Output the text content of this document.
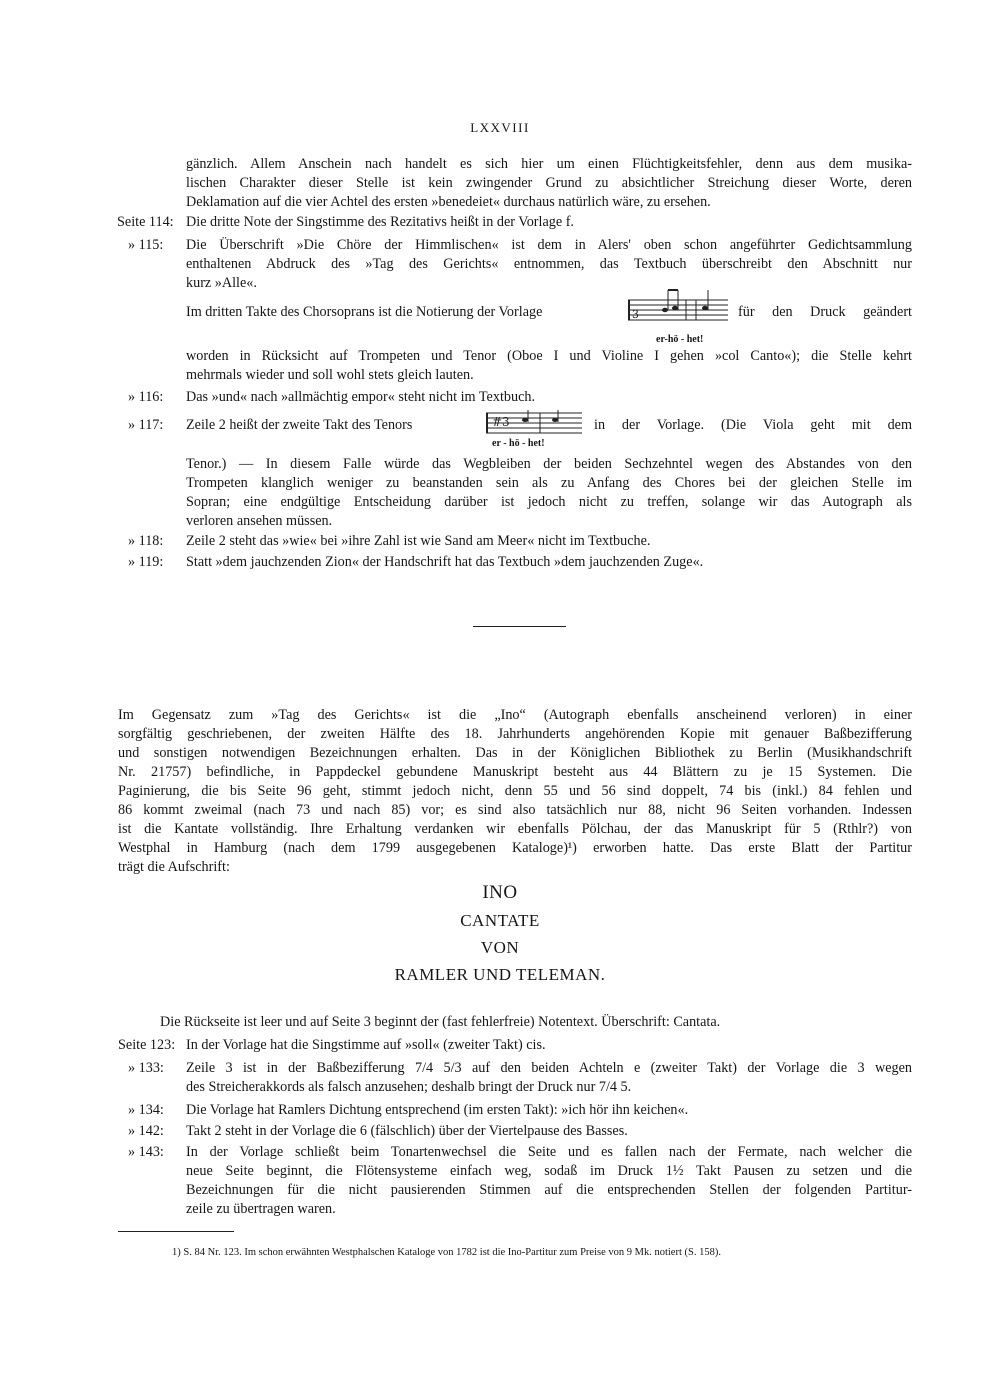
LXXVIII
gänzlich. Allem Anschein nach handelt es sich hier um einen Flüchtigkeitsfehler, denn aus dem musika-
lischen Charakter dieser Stelle ist kein zwingender Grund zu absichtlicher Streichung dieser Worte, deren
Deklamation auf die vier Achtel des ersten »benedeiet« durchaus natürlich wäre, zu ersehen.
Seite 114: Die dritte Note der Singstimme des Rezitativs heißt in der Vorlage f.
» 115: Die Überschrift »Die Chöre der Himmlischen« ist dem in Alers' oben schon angeführter Gedichtsammlung
enthaltenen Abdruck des »Tag des Gerichts« entnommen, das Textbuch überschreibt den Abschnitt nur
kurz »Alle«.
Im dritten Takte des Chorsoprans ist die Notierung der Vorlage	3
er-hö - het!
für den Druck geändert
worden in Rücksicht auf Trompeten und Tenor (Oboe I und Violine I gehen »col Canto«); die Stelle kehrt
mehrmals wieder und soll wohl stets gleich lauten.
» 116: Das »und« nach »allmächtig empor« steht nicht im Textbuch.
» 117: Zeile 2 heißt der zweite Takt des Tenors	#3
er - hö - het!
in der Vorlage. (Die Viola geht mit dem
Tenor.) — In diesem Falle würde das Wegbleiben der beiden Sechzehntel wegen des Abstandes von den
Trompeten klanglich weniger zu beanstanden sein als zu Anfang des Chores bei der gleichen Stelle im
Sopran; eine endgültige Entscheidung darüber ist jedoch nicht zu treffen, solange wir das Autograph als
verloren ansehen müssen.
» 118: Zeile 2 steht das »wie« bei »ihre Zahl ist wie Sand am Meer« nicht im Textbuche.
» 119: Statt »dem jauchzenden Zion« der Handschrift hat das Textbuch »dem jauchzenden Zuge«.
Im Gegensatz zum »Tag des Gerichts« ist die „Ino“ (Autograph ebenfalls anscheinend verloren) in einer
sorgfältig geschriebenen, der zweiten Hälfte des 18. Jahrhunderts angehörenden Kopie mit genauer Baßbezifferung
und sonstigen notwendigen Bezeichnungen erhalten. Das in der Königlichen Bibliothek zu Berlin (Musikhandschrift
Nr. 21757) befindliche, in Pappdeckel gebundene Manuskript besteht aus 44 Blättern zu je 15 Systemen. Die
Paginierung, die bis Seite 96 geht, stimmt jedoch nicht, denn 55 und 56 sind doppelt, 74 bis (inkl.) 84 fehlen und
86 kommt zweimal (nach 73 und nach 85) vor; es sind also tatsächlich nur 88, nicht 96 Seiten vorhanden. Indessen
ist die Kantate vollständig. Ihre Erhaltung verdanken wir ebenfalls Pölchau, der das Manuskript für 5 (Rthlr?) von
Westphal in Hamburg (nach dem 1799 ausgegebenen Kataloge)¹) erworben hatte. Das erste Blatt der Partitur
trägt die Aufschrift:
INO
CANTATE
VON
RAMLER UND TELEMAN.
Die Rückseite ist leer und auf Seite 3 beginnt der (fast fehlerfreie) Notentext. Überschrift: Cantata.
Seite 123: In der Vorlage hat die Singstimme auf »soll« (zweiter Takt) cis.
» 133: Zeile 3 ist in der Baßbezifferung 7/4 5/3 auf den beiden Achteln e (zweiter Takt) der Vorlage die 3 wegen
des Streicherakkords als falsch anzusehen; deshalb bringt der Druck nur 7/4 5.
» 134: Die Vorlage hat Ramlers Dichtung entsprechend (im ersten Takt): »ich hör ihn keichen«.
» 142: Takt 2 steht in der Vorlage die 6 (fälschlich) über der Viertelpause des Basses.
» 143: In der Vorlage schließt beim Tonartenwechsel die Seite und es fallen nach der Fermate, nach welcher die
neue Seite beginnt, die Flötensysteme einfach weg, sodaß im Druck 1½ Takt Pausen zu setzen und die
Bezeichnungen für die nicht pausierenden Stimmen auf die entsprechenden Stellen der folgenden Partitur-
zeile zu übertragen waren.
1) S. 84 Nr. 123. Im schon erwähnten Westphalschen Kataloge von 1782 ist die Ino-Partitur zum Preise von 9 Mk. notiert (S. 158).
